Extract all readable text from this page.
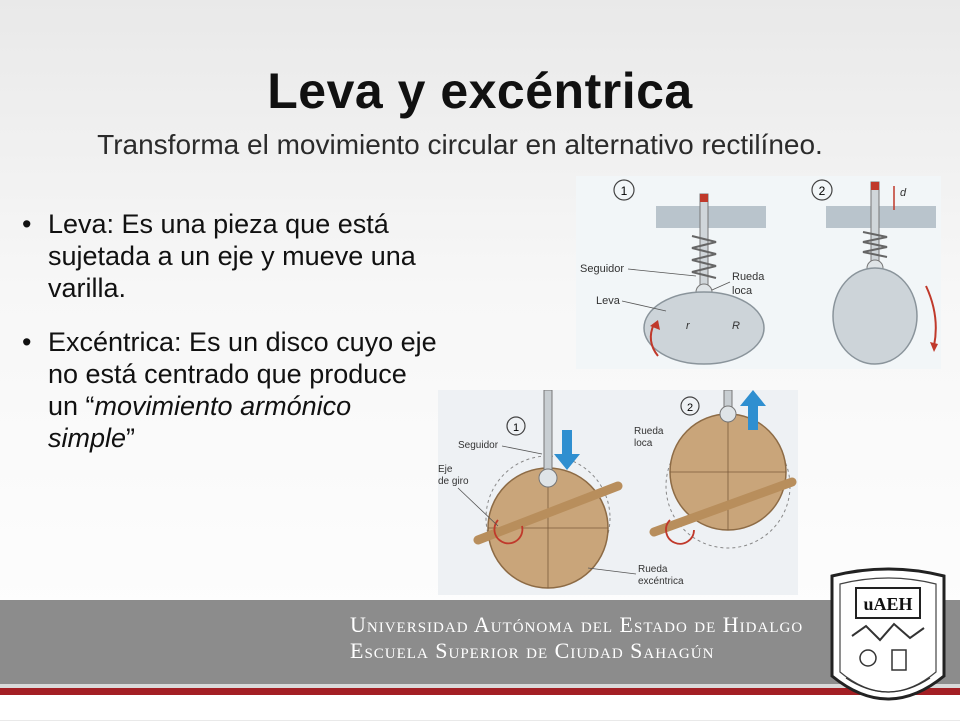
Leva y excéntrica
Transforma el movimiento circular en alternativo rectilíneo.
• Leva: Es una pieza que está sujetada a un eje y mueve una varilla.
• Excéntrica: Es un disco cuyo eje no está centrado que produce un “movimiento armónico simple”
1
Seguidor
Rueda
loca
Leva
r	R
2	d
1
Seguidor
Eje
de giro
2
Rueda
loca
Rueda
excéntrica
Universidad Autónoma del Estado de Hidalgo
Escuela Superior de Ciudad Sahagún
uAEH
